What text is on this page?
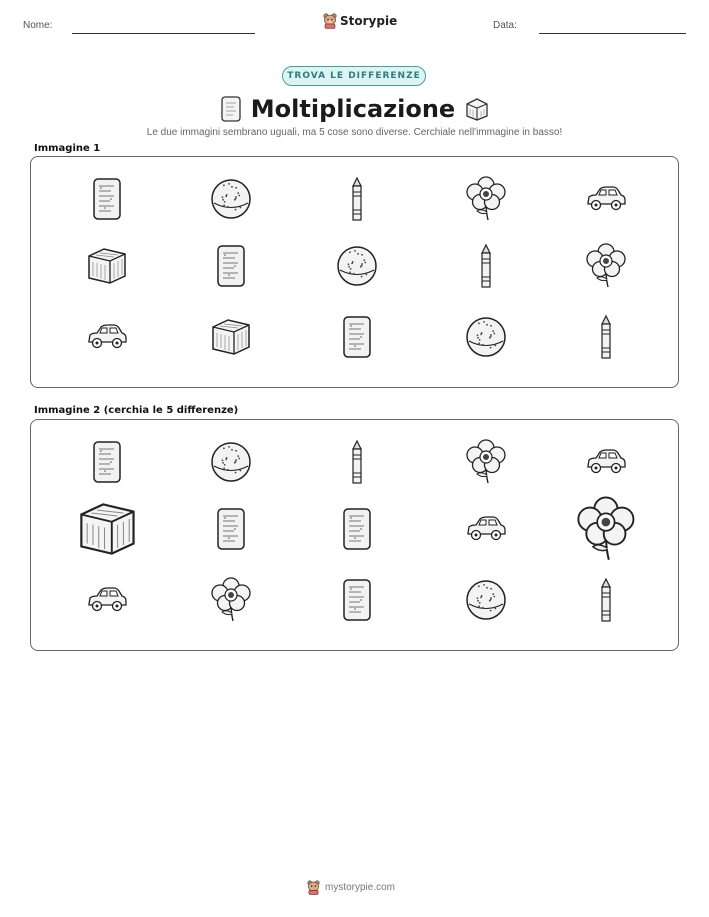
Nome:	Storypie	Data:
TROVA LE DIFFERENZE
Moltiplicazione
Le due immagini sembrano uguali, ma 5 cose sono diverse. Cerchiale nell'immagine in basso!
Immagine 1
Immagine 2 (cerchia le 5 differenze)
mystorypie.com
